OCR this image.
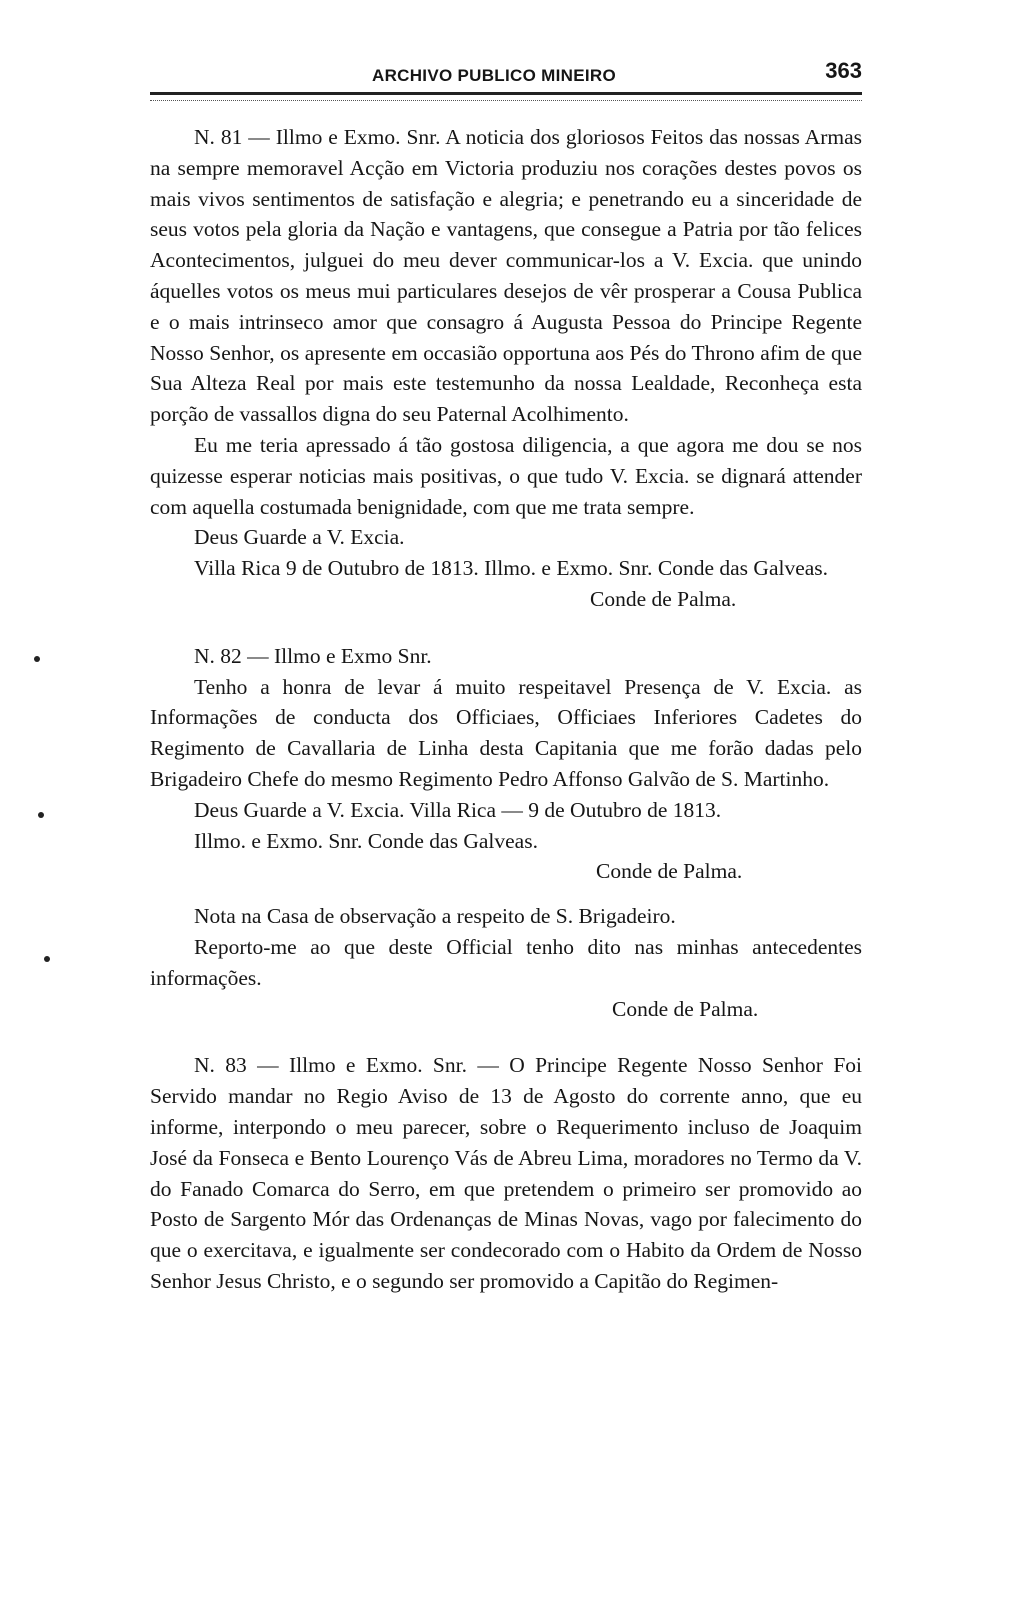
ARCHIVO PUBLICO MINEIRO	363

N. 81 — Illmo e Exmo. Snr. A noticia dos gloriosos Feitos das nossas Armas na sempre memoravel Acção em Victoria produziu nos corações destes povos os mais vivos sentimentos de satisfação e alegria; e penetrando eu a sinceridade de seus votos pela gloria da Nação e vantagens, que consegue a Patria por tão felices Acontecimentos, julguei do meu dever communicar-los a V. Excia. que unindo áquelles votos os meus mui particulares desejos de vêr prosperar a Cousa Publica e o mais intrinseco amor que consagro á Augusta Pessoa do Principe Regente Nosso Senhor, os apresente em occasião opportuna aos Pés do Throno afim de que Sua Alteza Real por mais este testemunho da nossa Lealdade, Reconheça esta porção de vassallos digna do seu Paternal Acolhimento.

Eu me teria apressado á tão gostosa diligencia, a que agora me dou se nos quizesse esperar noticias mais positivas, o que tudo V. Excia. se dignará attender com aquella costumada benignidade, com que me trata sempre.

Deus Guarde a V. Excia.

Villa Rica 9 de Outubro de 1813. Illmo. e Exmo. Snr. Conde das Galveas.

Conde de Palma.

N. 82 — Illmo e Exmo Snr.

Tenho a honra de levar á muito respeitavel Presença de V. Excia. as Informações de conducta dos Officiaes, Officiaes Inferiores Cadetes do Regimento de Cavallaria de Linha desta Capitania que me forão dadas pelo Brigadeiro Chefe do mesmo Regimento Pedro Affonso Galvão de S. Martinho.

Deus Guarde a V. Excia. Villa Rica — 9 de Outubro de 1813.

Illmo. e Exmo. Snr. Conde das Galveas.

Conde de Palma.

Nota na Casa de observação a respeito de S. Brigadeiro.

Reporto-me ao que deste Official tenho dito nas minhas antecedentes informações.

Conde de Palma.

N. 83 — Illmo e Exmo. Snr. — O Principe Regente Nosso Senhor Foi Servido mandar no Regio Aviso de 13 de Agosto do corrente anno, que eu informe, interpondo o meu parecer, sobre o Requerimento incluso de Joaquim José da Fonseca e Bento Lourenço Vás de Abreu Lima, moradores no Termo da V. do Fanado Comarca do Serro, em que pretendem o primeiro ser promovido ao Posto de Sargento Mór das Ordenanças de Minas Novas, vago por falecimento do que o exercitava, e igualmente ser condecorado com o Habito da Ordem de Nosso Senhor Jesus Christo, e o segundo ser promovido a Capitão do Regimen-
